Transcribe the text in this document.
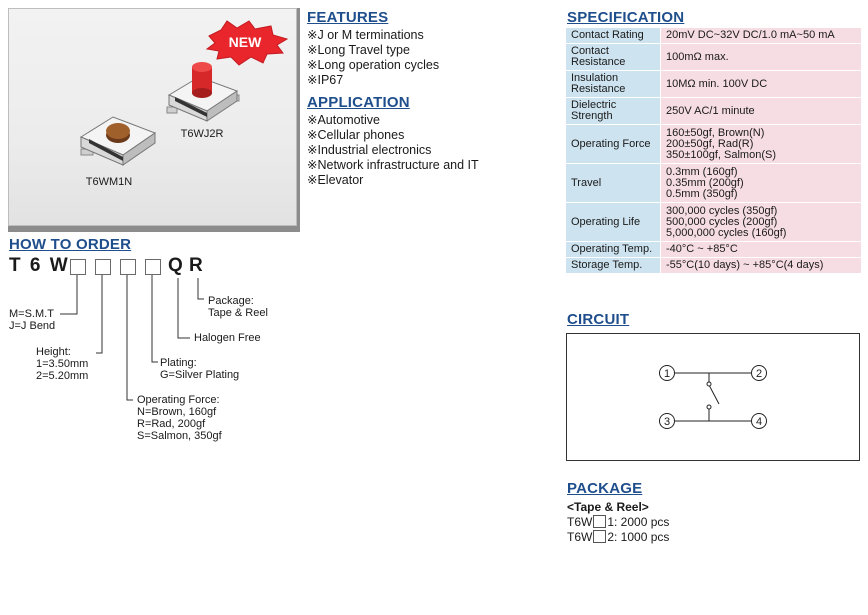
NEW
T6WM1N
T6WJ2R
FEATURES
※J or M terminations
※Long Travel type
※Long operation cycles
※IP67
APPLICATION
※Automotive
※Cellular phones
※Industrial electronics
※Network infrastructure and IT
※Elevator
SPECIFICATION
Contact Rating	20mV DC~32V DC/1.0 mA~50 mA
Contact Resistance	100mΩ max.
Insulation Resistance	10MΩ min. 100V DC
Dielectric Strength	250V AC/1 minute
Operating Force	160±50gf, Brown(N)
200±50gf, Rad(R)
350±100gf, Salmon(S)
Travel	0.3mm (160gf)
0.35mm (200gf)
0.5mm (350gf)
Operating Life	300,000 cycles (350gf)
500,000 cycles (200gf)
5,000,000 cycles (160gf)
Operating Temp.	-40°C ~ +85°C
Storage Temp.	-55°C(10 days) ~ +85°C(4 days)
HOW TO ORDER
T 6 W	Q R
M=S.M.T
J=J Bend
Height:
1=3.50mm
2=5.20mm
Operating Force:
N=Brown, 160gf
R=Rad, 200gf
S=Salmon, 350gf
Plating:
G=Silver Plating
Halogen Free
Package:
Tape & Reel	CIRCUIT
1	2
3	4
PACKAGE
<Tape & Reel>
T6W 1: 2000 pcs
T6W 2: 1000 pcs
